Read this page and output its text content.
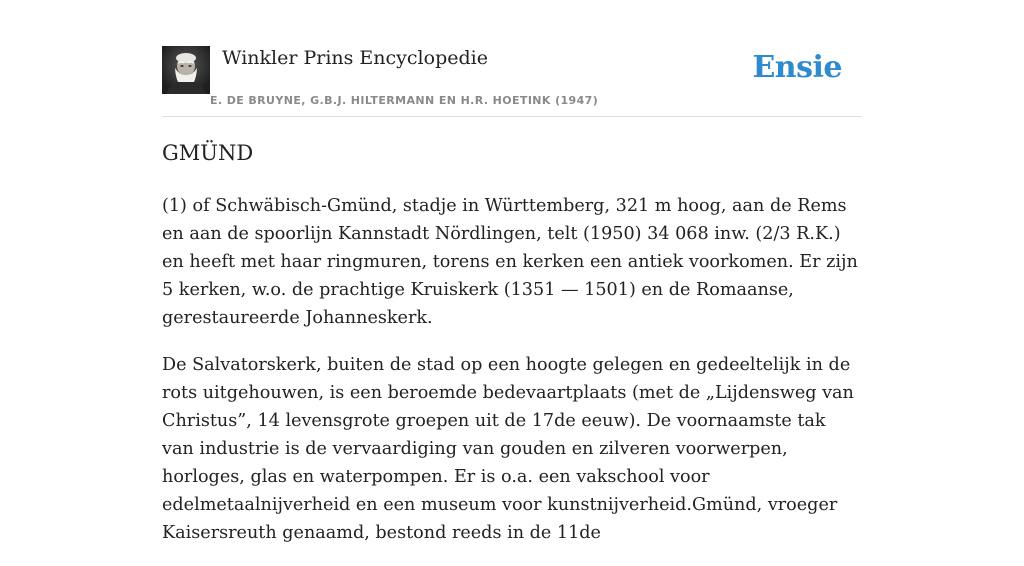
Winkler Prins Encyclopedie
E. DE BRUYNE, G.B.J. HILTERMANN EN H.R. HOETINK (1947)
Ensie
GMÜND

(1) of Schwäbisch-Gmünd, stadje in Württemberg, 321 m hoog, aan de Rems en aan de spoorlijn Kannstadt Nördlingen, telt (1950) 34 068 inw. (2/3 R.K.) en heeft met haar ringmuren, torens en kerken een antiek voorkomen. Er zijn 5 kerken, w.o. de prachtige Kruiskerk (1351 — 1501) en de Romaanse, gerestaureerde Johanneskerk.

De Salvatorskerk, buiten de stad op een hoogte gelegen en gedeeltelijk in de rots uitgehouwen, is een beroemde bedevaartplaats (met de „Lijdensweg van Christus”, 14 levensgrote groepen uit de 17de eeuw). De voornaamste tak van industrie is de vervaardiging van gouden en zilveren voorwerpen, horloges, glas en waterpompen. Er is o.a. een vakschool voor edelmetaalnijverheid en een museum voor kunstnijverheid.Gmünd, vroeger Kaisersreuth genaamd, bestond reeds in de 11de
